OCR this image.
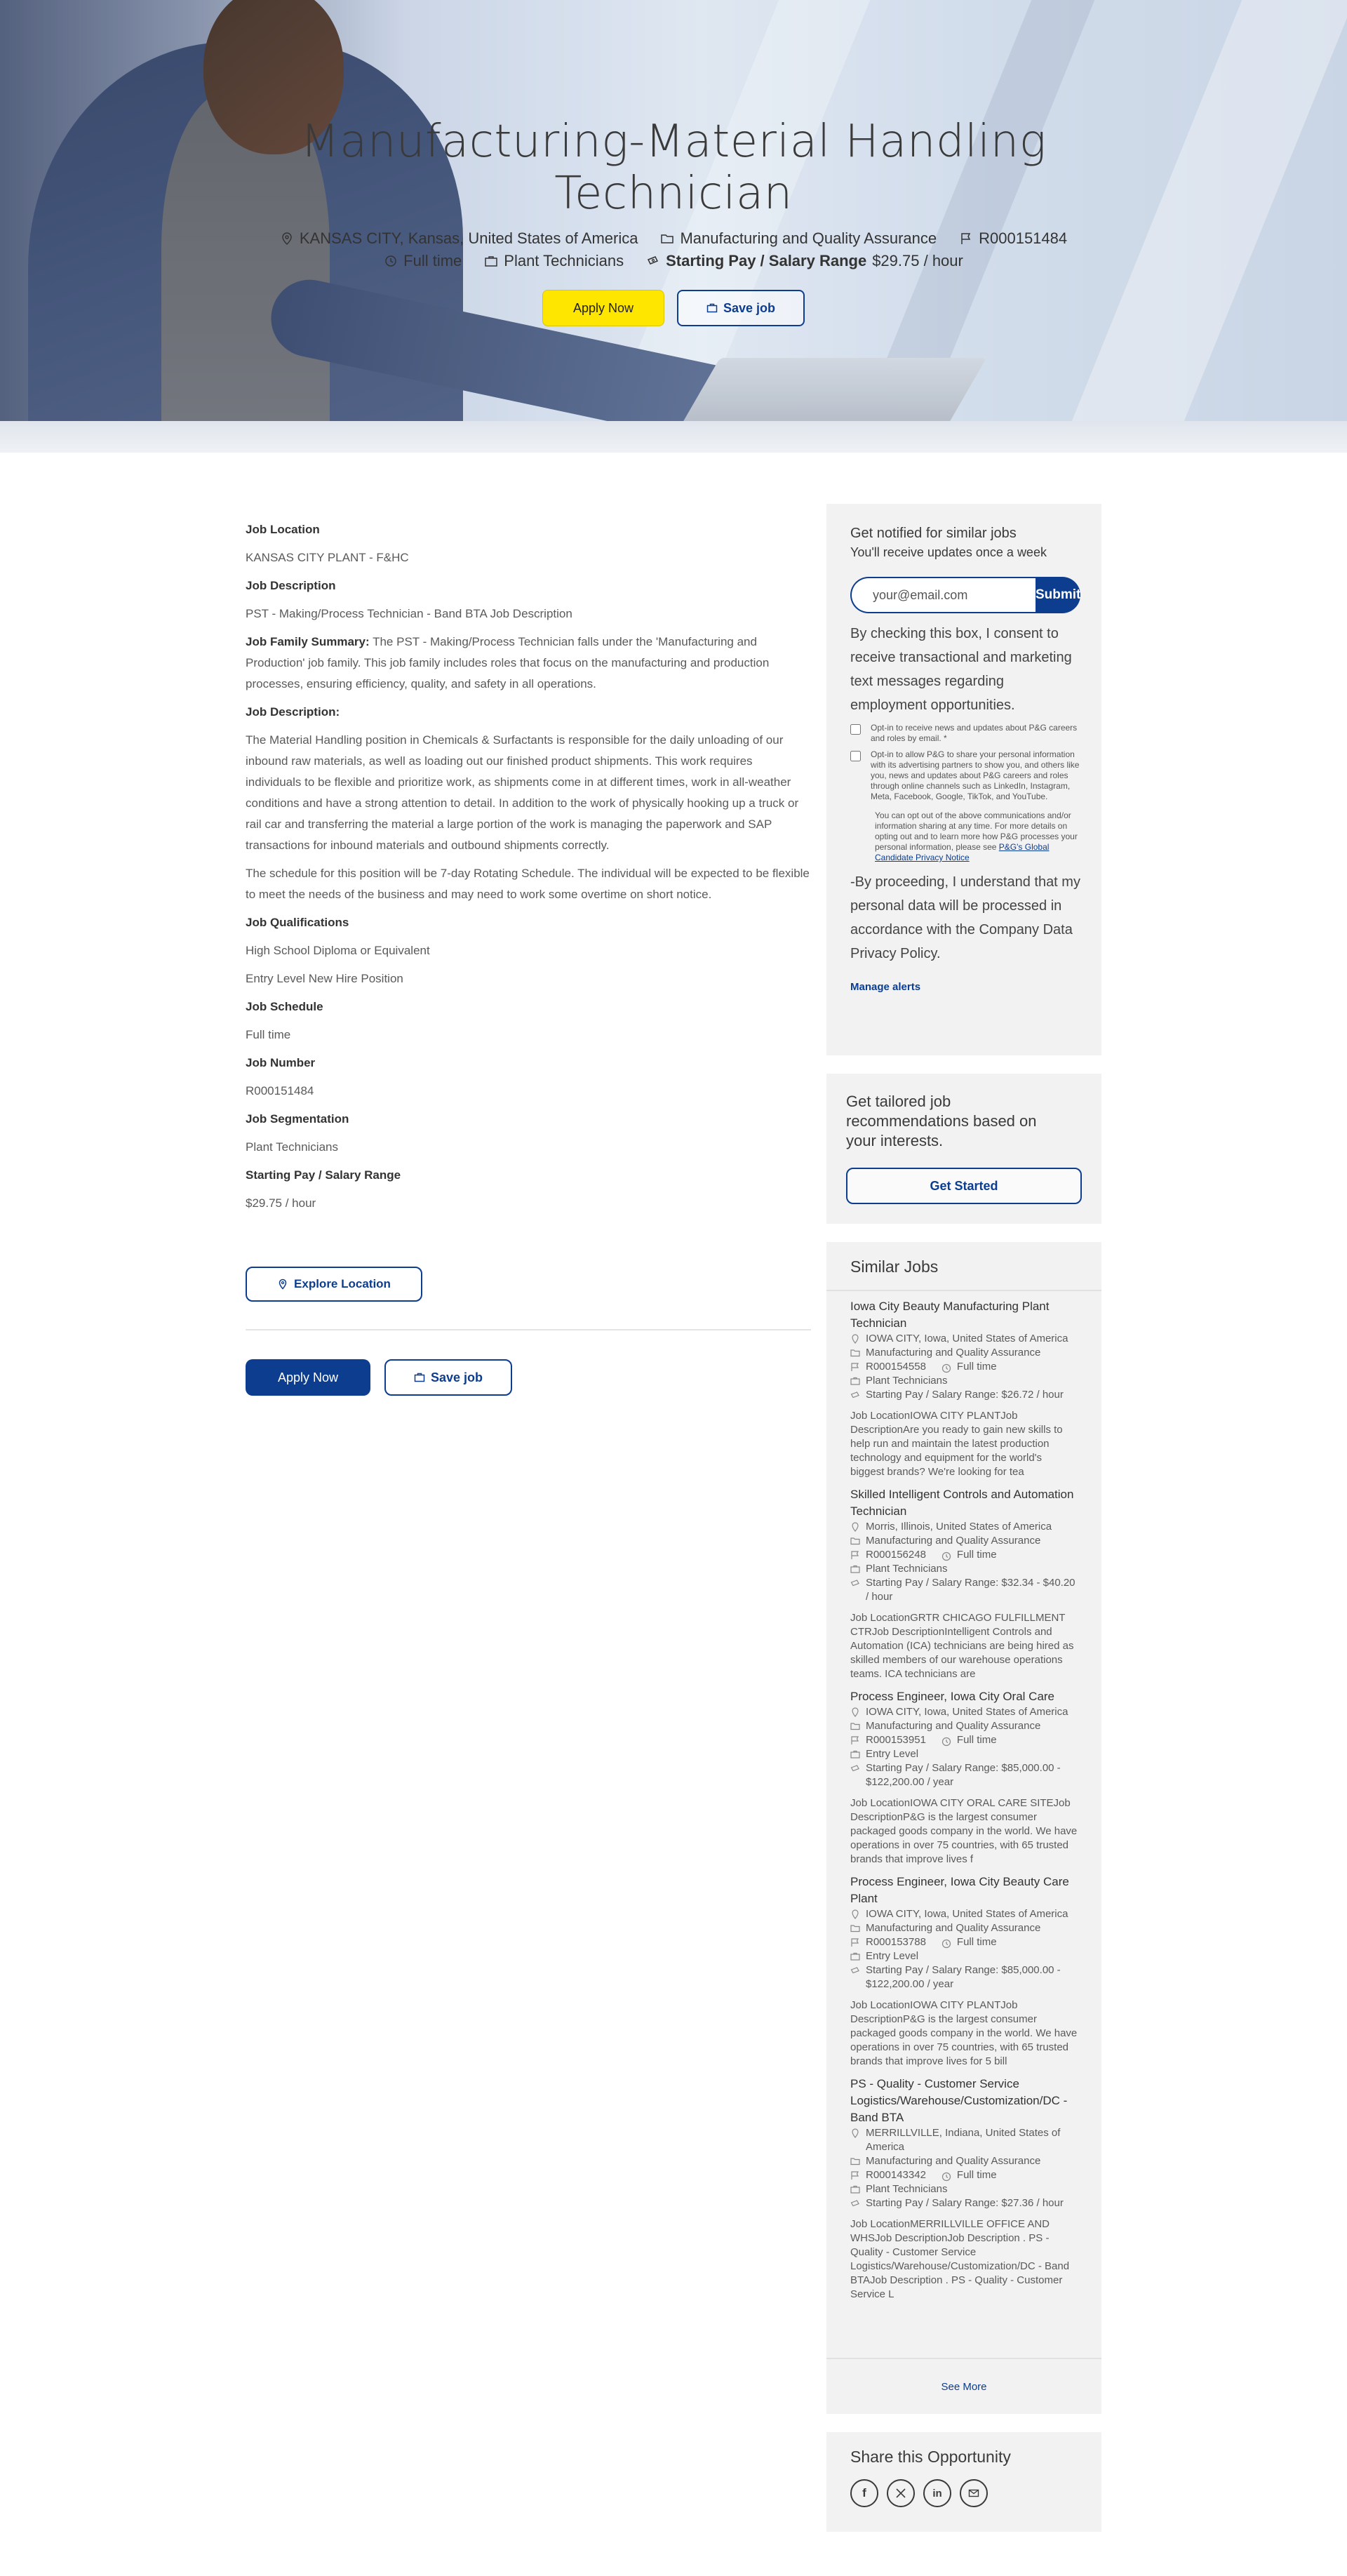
Manufacturing-Material Handling Technician
KANSAS CITY, Kansas, United States of America	Manufacturing and Quality Assurance	R000151484
Full time	Plant Technicians	Starting Pay / Salary Range $29.75 / hour
Apply Now	Save job
Job Location

KANSAS CITY PLANT - F&HC

Job Description

PST - Making/Process Technician - Band BTA Job Description

Job Family Summary: The PST - Making/Process Technician falls under the 'Manufacturing and Production' job family. This job family includes roles that focus on the manufacturing and production processes, ensuring efficiency, quality, and safety in all operations.

Job Description:

The Material Handling position in Chemicals & Surfactants is responsible for the daily unloading of our inbound raw materials, as well as loading out our finished product shipments. This work requires individuals to be flexible and prioritize work, as shipments come in at different times, work in all-weather conditions and have a strong attention to detail. In addition to the work of physically hooking up a truck or rail car and transferring the material a large portion of the work is managing the paperwork and SAP transactions for inbound materials and outbound shipments correctly.

The schedule for this position will be 7-day Rotating Schedule. The individual will be expected to be flexible to meet the needs of the business and may need to work some overtime on short notice.

Job Qualifications

High School Diploma or Equivalent

Entry Level New Hire Position

Job Schedule

Full time

Job Number

R000151484

Job Segmentation

Plant Technicians

Starting Pay / Salary Range

$29.75 / hour

Explore Location
Apply Now	Save job
Get notified for similar jobs
You'll receive updates once a week
your@email.com
Submit
By checking this box, I consent to receive transactional and marketing text messages regarding employment opportunities.
Opt-in to receive news and updates about P&G careers and roles by email. *
Opt-in to allow P&G to share your personal information with its advertising partners to show you, and others like you, news and updates about P&G careers and roles through online channels such as LinkedIn, Instagram, Meta, Facebook, Google, TikTok, and YouTube.
You can opt out of the above communications and/or information sharing at any time. For more details on opting out and to learn more how P&G processes your personal information, please see P&G's Global Candidate Privacy Notice
-By proceeding, I understand that my personal data will be processed in accordance with the Company Data Privacy Policy.
Manage alerts
Get tailored job recommendations based on your interests.
Get Started
Similar Jobs
Iowa City Beauty Manufacturing Plant Technician
IOWA CITY, Iowa, United States of America
Manufacturing and Quality Assurance
R000154558	Full time
Plant Technicians
Starting Pay / Salary Range: $26.72 / hour
Job LocationIOWA CITY PLANTJob DescriptionAre you ready to gain new skills to help run and maintain the latest production technology and equipment for the world's biggest brands? We're looking for tea
Skilled Intelligent Controls and Automation Technician
Morris, Illinois, United States of America
Manufacturing and Quality Assurance
R000156248	Full time
Plant Technicians
Starting Pay / Salary Range: $32.34 - $40.20 / hour
Job LocationGRTR CHICAGO FULFILLMENT CTRJob DescriptionIntelligent Controls and Automation (ICA) technicians are being hired as skilled members of our warehouse operations teams. ICA technicians are
Process Engineer, Iowa City Oral Care
IOWA CITY, Iowa, United States of America
Manufacturing and Quality Assurance
R000153951	Full time
Entry Level
Starting Pay / Salary Range: $85,000.00 - $122,200.00 / year
Job LocationIOWA CITY ORAL CARE SITEJob DescriptionP&G is the largest consumer packaged goods company in the world. We have operations in over 75 countries, with 65 trusted brands that improve lives f
Process Engineer, Iowa City Beauty Care Plant
IOWA CITY, Iowa, United States of America
Manufacturing and Quality Assurance
R000153788	Full time
Entry Level
Starting Pay / Salary Range: $85,000.00 - $122,200.00 / year
Job LocationIOWA CITY PLANTJob DescriptionP&G is the largest consumer packaged goods company in the world. We have operations in over 75 countries, with 65 trusted brands that improve lives for 5 bill
PS - Quality - Customer Service Logistics/Warehouse/Customization/DC - Band BTA
MERRILLVILLE, Indiana, United States of America
Manufacturing and Quality Assurance
R000143342	Full time
Plant Technicians
Starting Pay / Salary Range: $27.36 / hour
Job LocationMERRILLVILLE OFFICE AND WHSJob DescriptionJob Description . PS - Quality - Customer Service Logistics/Warehouse/Customization/DC - Band BTAJob Description . PS - Quality - Customer Service L
See More
Share this Opportunity
f	in
